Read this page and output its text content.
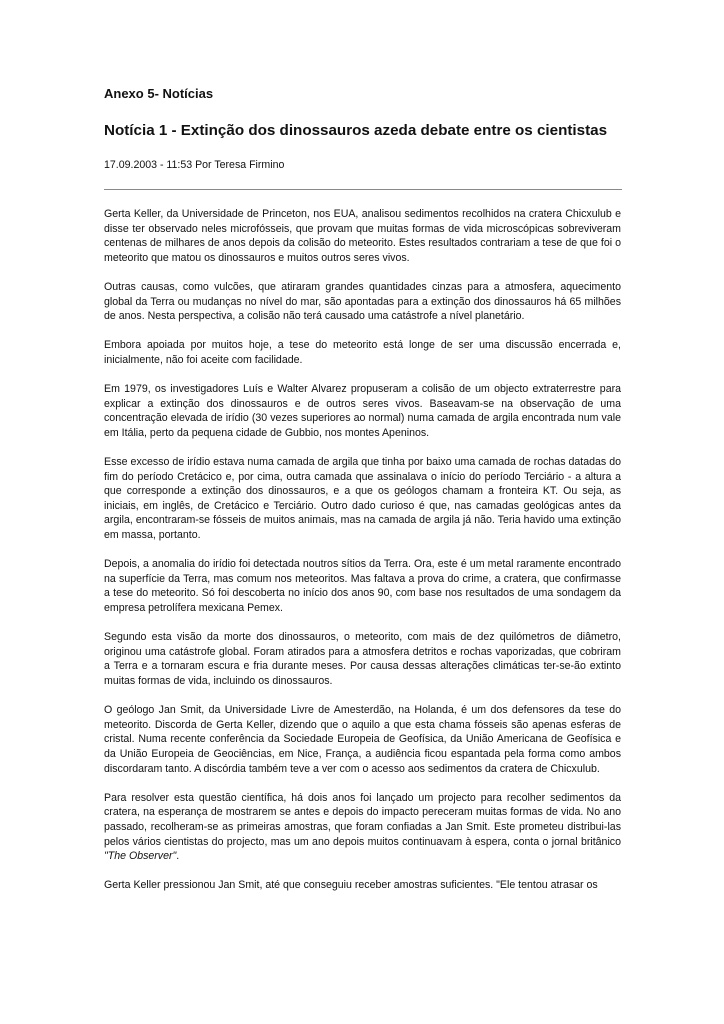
Anexo 5- Notícias
Notícia 1 - Extinção dos dinossauros azeda debate entre os cientistas

17.09.2003 - 11:53 Por Teresa Firmino

Gerta Keller, da Universidade de Princeton, nos EUA, analisou sedimentos recolhidos na cratera Chicxulub e disse ter observado neles microfósseis, que provam que muitas formas de vida microscópicas sobreviveram centenas de milhares de anos depois da colisão do meteorito. Estes resultados contrariam a tese de que foi o meteorito que matou os dinossauros e muitos outros seres vivos.

Outras causas, como vulcões, que atiraram grandes quantidades cinzas para a atmosfera, aquecimento global da Terra ou mudanças no nível do mar, são apontadas para a extinção dos dinossauros há 65 milhões de anos. Nesta perspectiva, a colisão não terá causado uma catástrofe a nível planetário.

Embora apoiada por muitos hoje, a tese do meteorito está longe de ser uma discussão encerrada e, inicialmente, não foi aceite com facilidade.

Em 1979, os investigadores Luís e Walter Alvarez propuseram a colisão de um objecto extraterrestre para explicar a extinção dos dinossauros e de outros seres vivos. Baseavam-se na observação de uma concentração elevada de irídio (30 vezes superiores ao normal) numa camada de argila encontrada num vale em Itália, perto da pequena cidade de Gubbio, nos montes Apeninos.

Esse excesso de irídio estava numa camada de argila que tinha por baixo uma camada de rochas datadas do fim do período Cretácico e, por cima, outra camada que assinalava o início do período Terciário - a altura a que corresponde a extinção dos dinossauros, e a que os geólogos chamam a fronteira KT. Ou seja, as iniciais, em inglês, de Cretácico e Terciário. Outro dado curioso é que, nas camadas geológicas antes da argila, encontraram-se fósseis de muitos animais, mas na camada de argila já não. Teria havido uma extinção em massa, portanto.

Depois, a anomalia do irídio foi detectada noutros sítios da Terra. Ora, este é um metal raramente encontrado na superfície da Terra, mas comum nos meteoritos. Mas faltava a prova do crime, a cratera, que confirmasse a tese do meteorito. Só foi descoberta no início dos anos 90, com base nos resultados de uma sondagem da empresa petrolífera mexicana Pemex.

Segundo esta visão da morte dos dinossauros, o meteorito, com mais de dez quilómetros de diâmetro, originou uma catástrofe global. Foram atirados para a atmosfera detritos e rochas vaporizadas, que cobriram a Terra e a tornaram escura e fria durante meses. Por causa dessas alterações climáticas ter-se-ão extinto muitas formas de vida, incluindo os dinossauros.

O geólogo Jan Smit, da Universidade Livre de Amesterdão, na Holanda, é um dos defensores da tese do meteorito. Discorda de Gerta Keller, dizendo que o aquilo a que esta chama fósseis são apenas esferas de cristal. Numa recente conferência da Sociedade Europeia de Geofísica, da União Americana de Geofísica e da União Europeia de Geociências, em Nice, França, a audiência ficou espantada pela forma como ambos discordaram tanto. A discórdia também teve a ver com o acesso aos sedimentos da cratera de Chicxulub.

Para resolver esta questão científica, há dois anos foi lançado um projecto para recolher sedimentos da cratera, na esperança de mostrarem se antes e depois do impacto pereceram muitas formas de vida. No ano passado, recolheram-se as primeiras amostras, que foram confiadas a Jan Smit. Este prometeu distribui-las pelos vários cientistas do projecto, mas um ano depois muitos continuavam à espera, conta o jornal britânico "The Observer".

Gerta Keller pressionou Jan Smit, até que conseguiu receber amostras suficientes. "Ele tentou atrasar os
